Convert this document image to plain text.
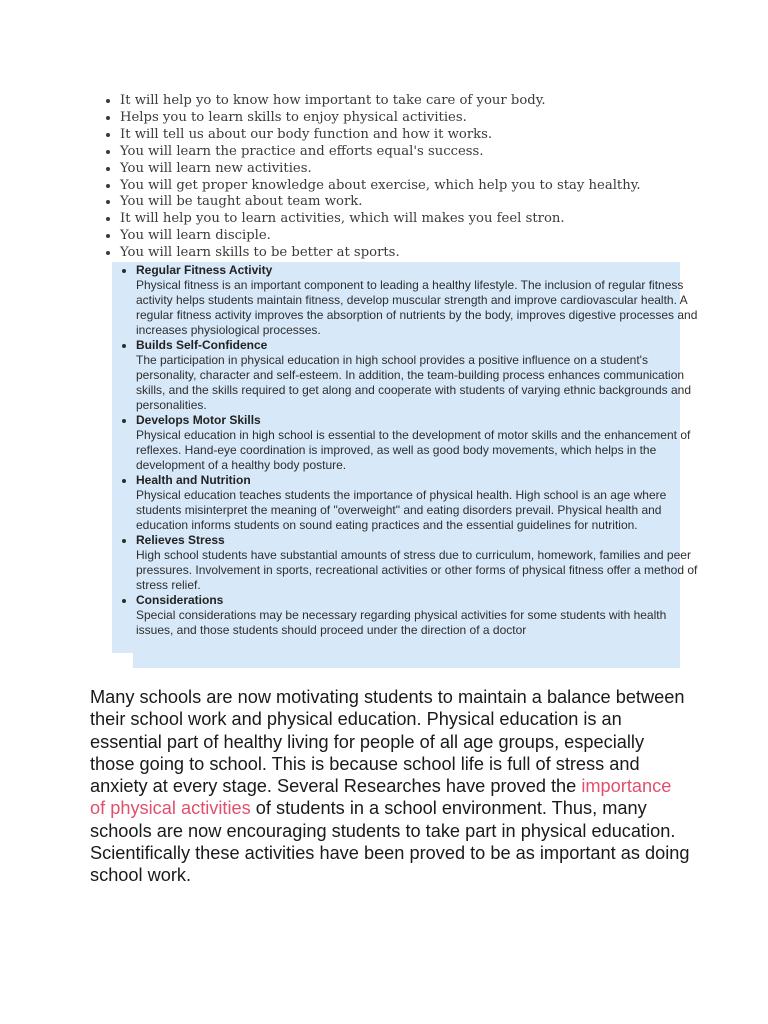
• It will help yo to know how important to take care of your body.
• Helps you to learn skills to enjoy physical activities.
• It will tell us about our body function and how it works.
• You will learn the practice and efforts equal's success.
• You will learn new activities.
• You will get proper knowledge about exercise, which help you to stay healthy.
• You will be taught about team work.
• It will help you to learn activities, which will makes you feel stron.
• You will learn disciple.
• You will learn skills to be better at sports.
• Regular Fitness Activity
Physical fitness is an important component to leading a healthy lifestyle. The inclusion of regular fitness activity helps students maintain fitness, develop muscular strength and improve cardiovascular health. A regular fitness activity improves the absorption of nutrients by the body, improves digestive processes and increases physiological processes.
• Builds Self-Confidence
The participation in physical education in high school provides a positive influence on a student's personality, character and self-esteem. In addition, the team-building process enhances communication skills, and the skills required to get along and cooperate with students of varying ethnic backgrounds and personalities.
• Develops Motor Skills
Physical education in high school is essential to the development of motor skills and the enhancement of reflexes. Hand-eye coordination is improved, as well as good body movements, which helps in the development of a healthy body posture.
• Health and Nutrition
Physical education teaches students the importance of physical health. High school is an age where students misinterpret the meaning of "overweight" and eating disorders prevail. Physical health and education informs students on sound eating practices and the essential guidelines for nutrition.
• Relieves Stress
High school students have substantial amounts of stress due to curriculum, homework, families and peer pressures. Involvement in sports, recreational activities or other forms of physical fitness offer a method of stress relief.
• Considerations
Special considerations may be necessary regarding physical activities for some students with health issues, and those students should proceed under the direction of a doctor

Many schools are now motivating students to maintain a balance between their school work and physical education. Physical education is an essential part of healthy living for people of all age groups, especially those going to school. This is because school life is full of stress and anxiety at every stage. Several Researches have proved the importance of physical activities of students in a school environment. Thus, many schools are now encouraging students to take part in physical education. Scientifically these activities have been proved to be as important as doing school work.
